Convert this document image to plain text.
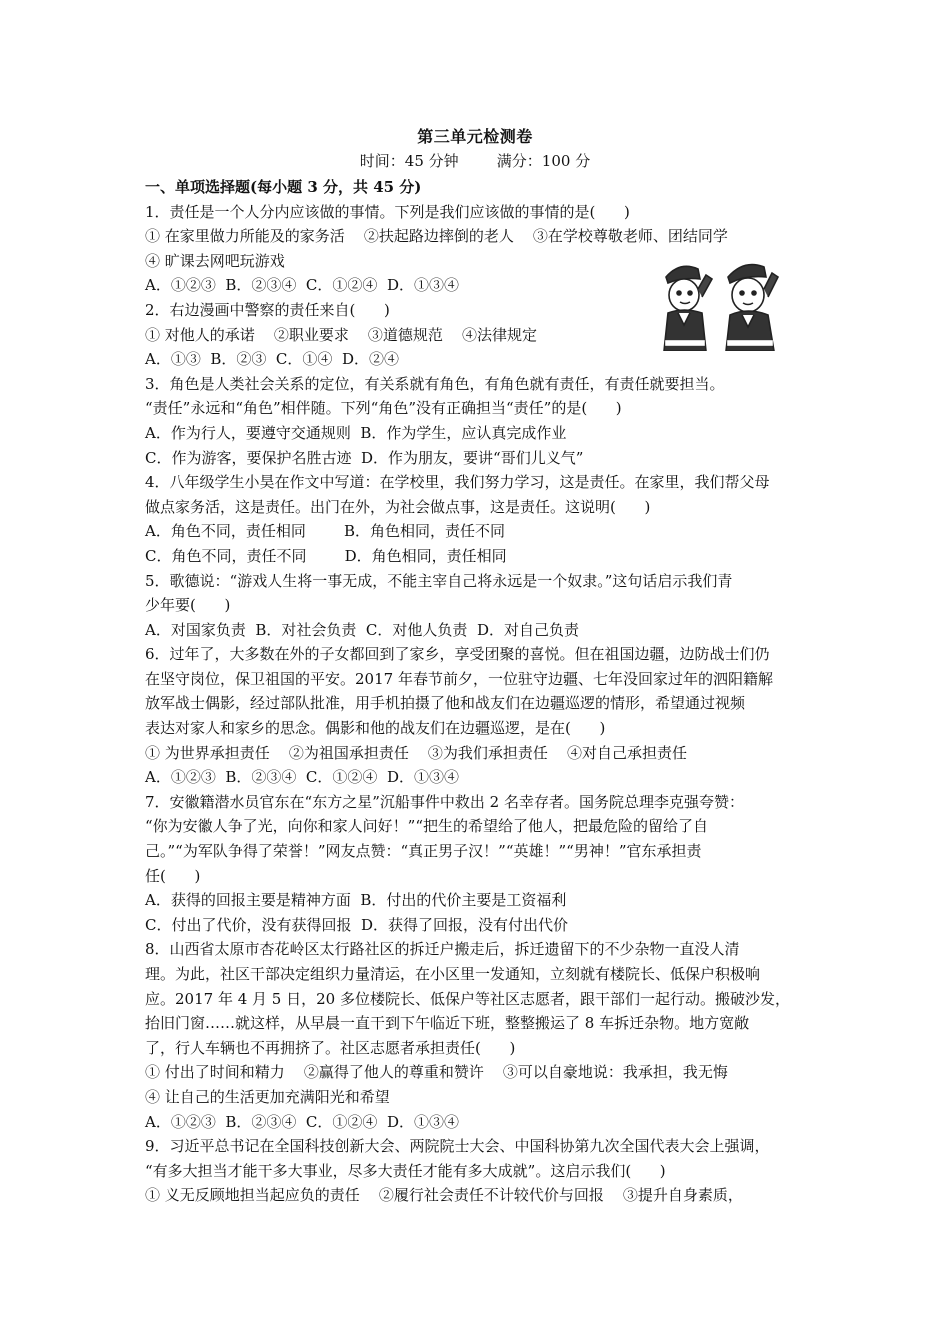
第三单元检测卷
时间：45 分钟        满分：100 分
一、单项选择题(每小题 3 分，共 45 分)
1．责任是一个人分内应该做的事情。下列是我们应该做的事情的是(      )
① 在家里做力所能及的家务活    ②扶起路边摔倒的老人    ③在学校尊敬老师、团结同学
④ 旷课去网吧玩游戏
A．①②③  B．②③④  C．①②④  D．①③④
2．右边漫画中警察的责任来自(      )
① 对他人的承诺    ②职业要求    ③道德规范    ④法律规定
A．①③  B．②③  C．①④  D．②④
3．角色是人类社会关系的定位，有关系就有角色，有角色就有责任，有责任就要担当。
“责任”永远和“角色”相伴随。下列“角色”没有正确担当“责任”的是(      )
A．作为行人，要遵守交通规则  B．作为学生，应认真完成作业
C．作为游客，要保护名胜古迹  D．作为朋友，要讲“哥们儿义气”
4．八年级学生小昊在作文中写道：在学校里，我们努力学习，这是责任。在家里，我们帮父母
做点家务活，这是责任。出门在外，为社会做点事，这是责任。这说明(      )
A．角色不同，责任相同        B．角色相同，责任不同
C．角色不同，责任不同        D．角色相同，责任相同
5．歌德说：“游戏人生将一事无成，不能主宰自己将永远是一个奴隶。”这句话启示我们青
少年要(      )
A．对国家负责  B．对社会负责  C．对他人负责  D．对自己负责
6．过年了，大多数在外的子女都回到了家乡，享受团聚的喜悦。但在祖国边疆，边防战士们仍
在坚守岗位，保卫祖国的平安。2017 年春节前夕，一位驻守边疆、七年没回家过年的泗阳籍解
放军战士偶影，经过部队批准，用手机拍摄了他和战友们在边疆巡逻的情形，希望通过视频
表达对家人和家乡的思念。偶影和他的战友们在边疆巡逻，是在(      )
① 为世界承担责任    ②为祖国承担责任    ③为我们承担责任    ④对自己承担责任
A．①②③  B．②③④  C．①②④  D．①③④
7．安徽籍潜水员官东在“东方之星”沉船事件中救出 2 名幸存者。国务院总理李克强夸赞：
“你为安徽人争了光，向你和家人问好！”“把生的希望给了他人，把最危险的留给了自
己。”“为军队争得了荣誉！”网友点赞：“真正男子汉！”“英雄！”“男神！”官东承担责
任(      )
A．获得的回报主要是精神方面  B．付出的代价主要是工资福利
C．付出了代价，没有获得回报  D．获得了回报，没有付出代价
8．山西省太原市杏花岭区太行路社区的拆迁户搬走后，拆迁遗留下的不少杂物一直没人清
理。为此，社区干部决定组织力量清运，在小区里一发通知，立刻就有楼院长、低保户积极响
应。2017 年 4 月 5 日，20 多位楼院长、低保户等社区志愿者，跟干部们一起行动。搬破沙发，
抬旧门窗……就这样，从早晨一直干到下午临近下班，整整搬运了 8 车拆迁杂物。地方宽敞
了，行人车辆也不再拥挤了。社区志愿者承担责任(      )
① 付出了时间和精力    ②赢得了他人的尊重和赞许    ③可以自豪地说：我承担，我无悔
④ 让自己的生活更加充满阳光和希望
A．①②③  B．②③④  C．①②④  D．①③④
9．习近平总书记在全国科技创新大会、两院院士大会、中国科协第九次全国代表大会上强调，
“有多大担当才能干多大事业，尽多大责任才能有多大成就”。这启示我们(      )
① 义无反顾地担当起应负的责任    ②履行社会责任不计较代价与回报    ③提升自身素质，
